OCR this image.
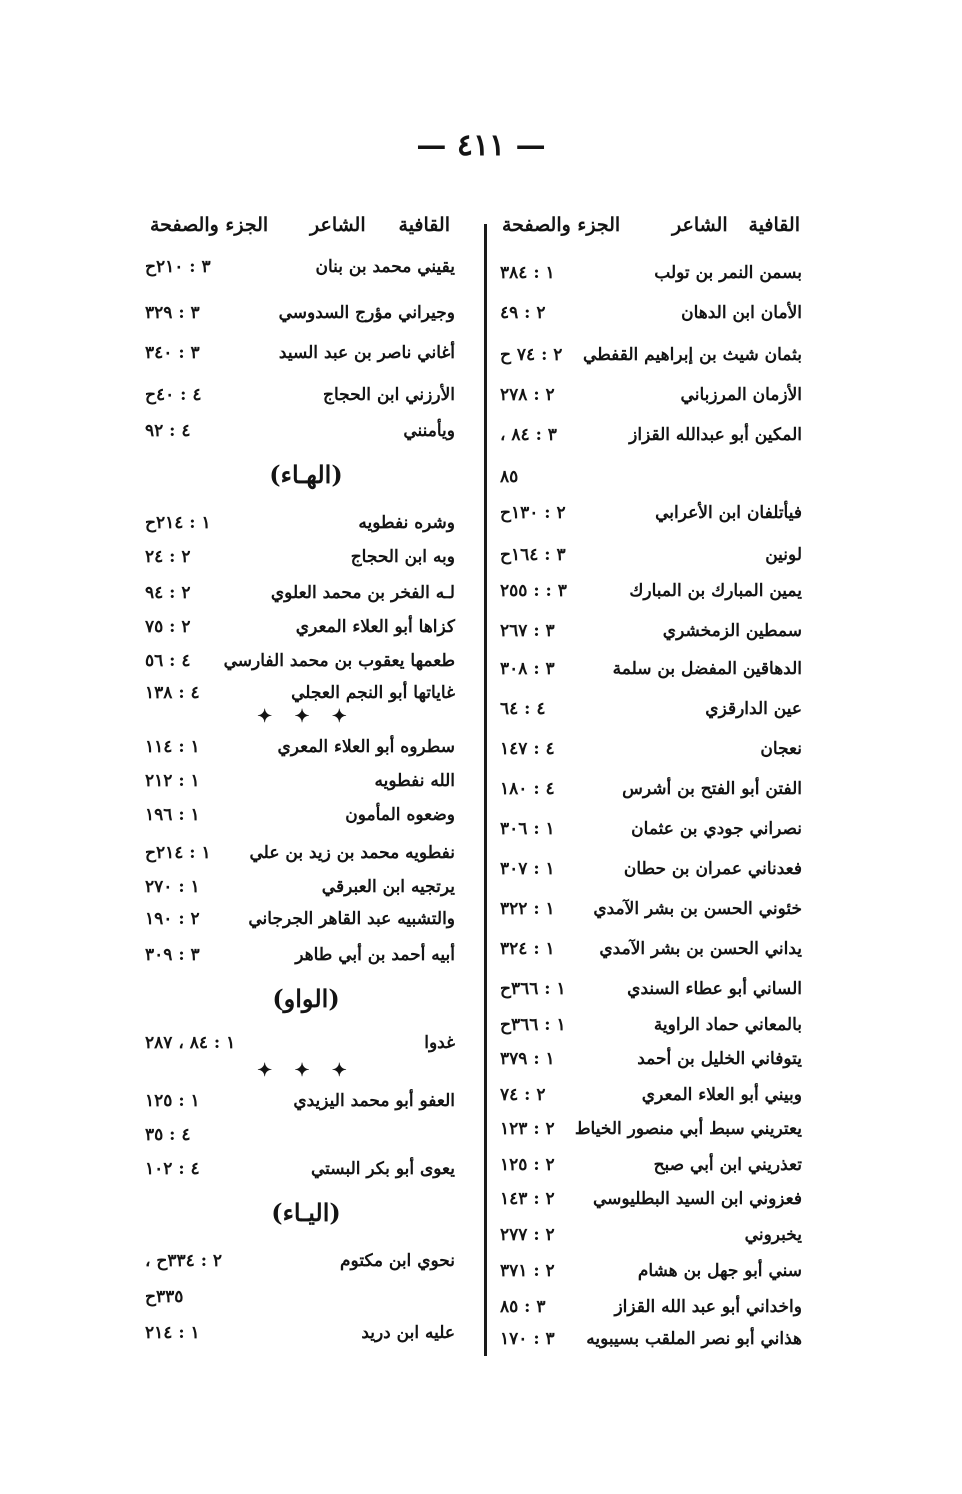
— ٤١١ —
الجزء والصفحة الشاعر القافية	الجزء والصفحة	الشاعر القافية
بسمن النمر بن تولب
١ : ٣٨٤
الأمان ابن الدهان
٢ : ٤٩
بثمان شيث بن إبراهيم القفطي
٢ : ٧٤ ح
الأزمان المرزباني
٢ : ٢٧٨
المكين أبو عبدالله القزاز
٣ : ٨٤ ،
٨٥
فيأتلفان ابن الأعرابي
٢ : ١٣٠ح
لونين
٣ : ١٦٤ح
يمين المبارك بن المبارك
٣ : : ٢٥٥
سمطين الزمخشري
٣ : ٢٦٧
الدهاقين المفضل بن سلمة
٣ : ٣٠٨
عين الدارقزي
٤ : ٦٤
نعجان
٤ : ١٤٧
الفتن أبو الفتح بن أشرس
٤ : ١٨٠
نصراني جودي بن عثمان
١ : ٣٠٦
فعدناني عمران بن حطان
١ : ٣٠٧
خئوني الحسن بن بشر الآمدي
١ : ٣٢٢
يداني الحسن بن بشر الآمدي
١ : ٣٢٤
الساني أبو عطاء السندي
١ : ٣٦٦ح
بالمعاني حماد الراوية
١ : ٣٦٦ح
يتوفاني الخليل بن أحمد
١ : ٣٧٩
وبيني أبو العلاء المعري
٢ : ٧٤
يعتريني سبط أبي منصور الخياط
٢ : ١٢٣
تعذريني ابن أبي صبح
٢ : ١٢٥
فعزوني ابن السيد البطليوسي
٢ : ١٤٣
يخبروني
٢ : ٢٧٧
سني أبو جهل بن هشام
٢ : ٣٧١
واخداني أبو عبد الله القزاز
٣ : ٨٥
هذاني أبو نصر الملقب بسيبويه
٣ : ١٧٠
يقيني محمد بن بنان
٣ : ٢١٠ح
وجيراني مؤرج السدوسي
٣ : ٣٢٩
أغاني ناصر بن عبد السيد
٣ : ٣٤٠
الأرزني ابن الحجاج
٤ : ٤٠ح
ويأمنني
٤ : ٩٢
وشره نفطويه
١ : ٢١٤ح
وبه ابن الحجاج
٢ : ٢٤
لـه الفخر بن محمد العلوي
٢ : ٩٤
كزاها أبو العلاء المعري
٢ : ٧٥
طعمها يعقوب بن محمد الفارسي
٤ : ٥٦
غاياتها أبو النجم العجلي
٤ : ١٣٨
سطروه أبو العلاء المعري
١ : ١١٤
الله نفطويه
١ : ٢١٢
وضعوه المأمون
١ : ١٩٦
نفطويه محمد بن زيد بن علي
١ : ٢١٤ح
يرتجيه ابن العبرقي
١ : ٢٧٠
والتشبيه عبد القاهر الجرجاني
٢ : ١٩٠
أبيه أحمد بن أبي طاهر
٣ : ٣٠٩
غدوا
١ : ٨٤ ، ٢٨٧
العفو أبو محمد اليزيدي
١ : ١٢٥
٤ : ٣٥
يعوى أبو بكر البستي
٤ : ١٠٢
نحوي ابن مكتوم
٢ : ٣٣٤ح ،
٣٣٥ح
عليه ابن دريد
١ : ٢١٤
(الهـاء)
(الواو)
(اليـاء)
✦ ✦ ✦
✦ ✦ ✦
